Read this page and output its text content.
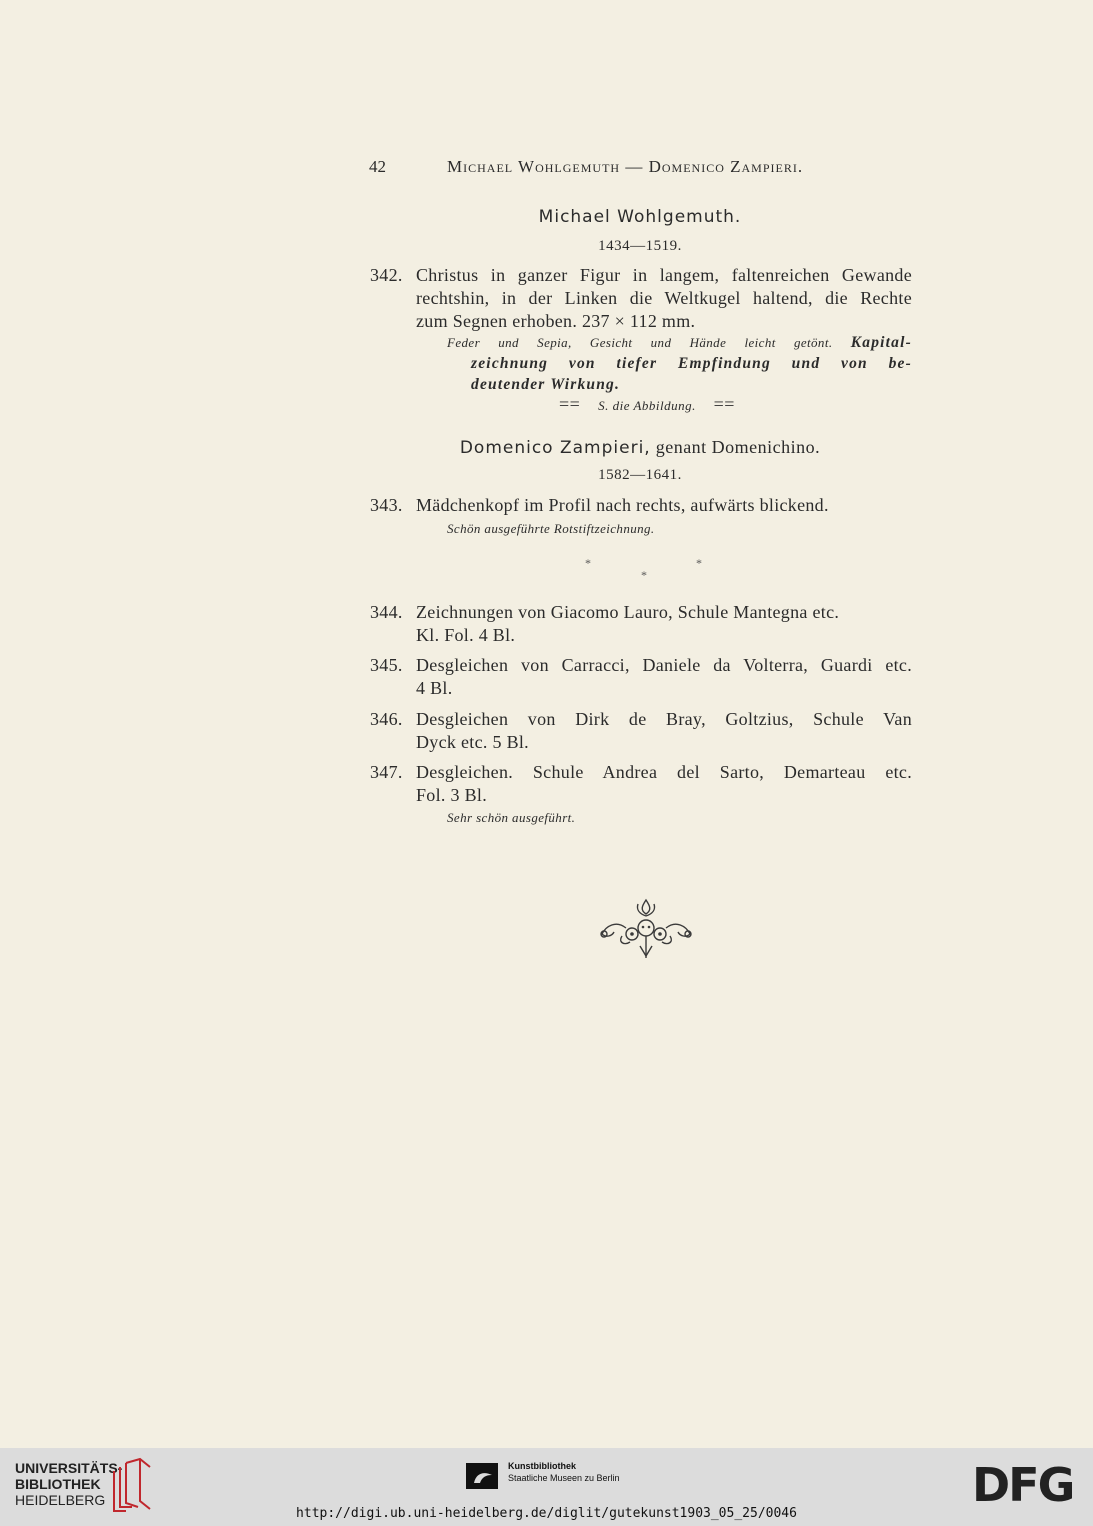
42	Michael Wohlgemuth — Domenico Zampieri.
Michael Wohlgemuth.
1434—1519.
342. Christus in ganzer Figur in langem, faltenreichen Gewande
rechtshin, in der Linken die Weltkugel haltend, die Rechte
zum Segnen erhoben. 237 × 112 mm.
Feder und Sepia, Gesicht und Hände leicht getönt. Kapital-
zeichnung von tiefer Empfindung und von be-
deutender Wirkung.
== S. die Abbildung. ==
Domenico Zampieri, genant Domenichino.
1582—1641.
343. Mädchenkopf im Profil nach rechts, aufwärts blickend.
Schön ausgeführte Rotstiftzeichnung.
*
*
*
344. Zeichnungen von Giacomo Lauro, Schule Mantegna etc.
Kl. Fol. 4 Bl.
345. Desgleichen von Carracci, Daniele da Volterra, Guardi etc.
4 Bl.
346. Desgleichen  von  Dirk  de  Bray,  Goltzius,  Schule  Van
Dyck etc. 5 Bl.
347. Desgleichen.  Schule  Andrea  del  Sarto,  Demarteau  etc.
Fol. 3 Bl.
Sehr schön ausgeführt.
UNIVERSITÄTS-
BIBLIOTHEK
HEIDELBERG
Kunstbibliothek
Staatliche Museen zu Berlin	DFG
http://digi.ub.uni-heidelberg.de/diglit/gutekunst1903_05_25/0046
